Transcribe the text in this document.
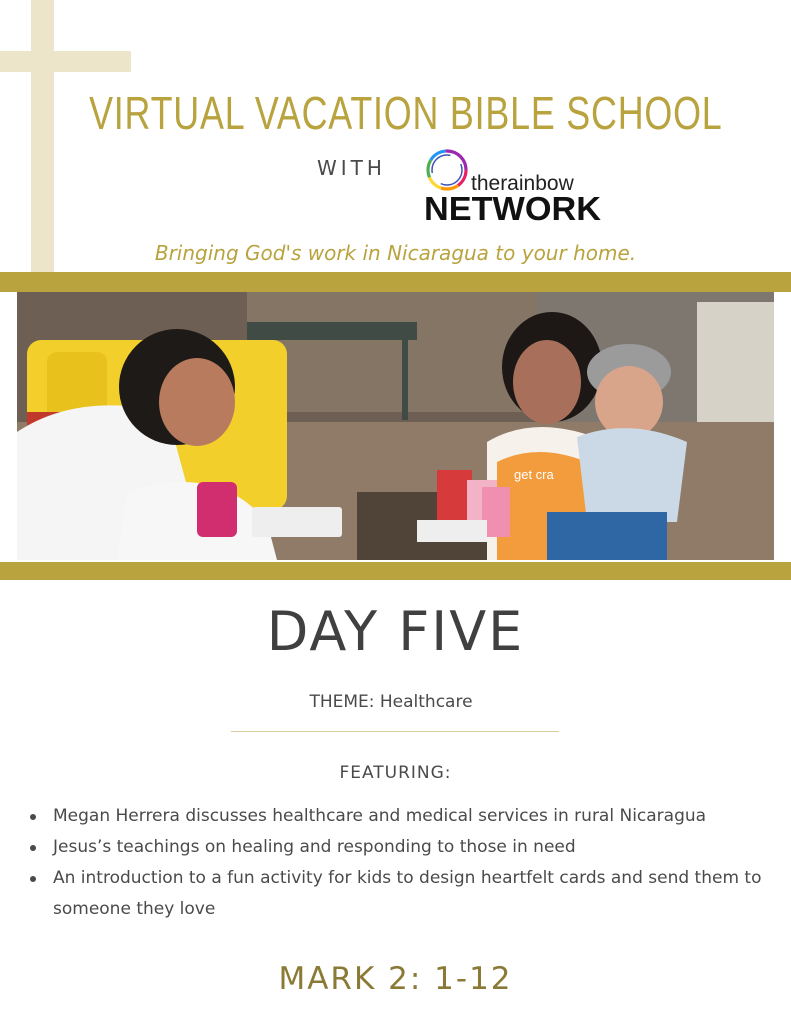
VIRTUAL VACATION BIBLE SCHOOL
WITH
therainbow
NETWORK
Bringing God's work in Nicaragua to your home.
get cra
DAY FIVE
THEME: Healthcare
FEATURING:
Megan Herrera discusses healthcare and medical services in rural Nicaragua
Jesus’s teachings on healing and responding to those in need
An introduction to a fun activity for kids to design heartfelt cards and send them to someone they love
MARK 2: 1-12
